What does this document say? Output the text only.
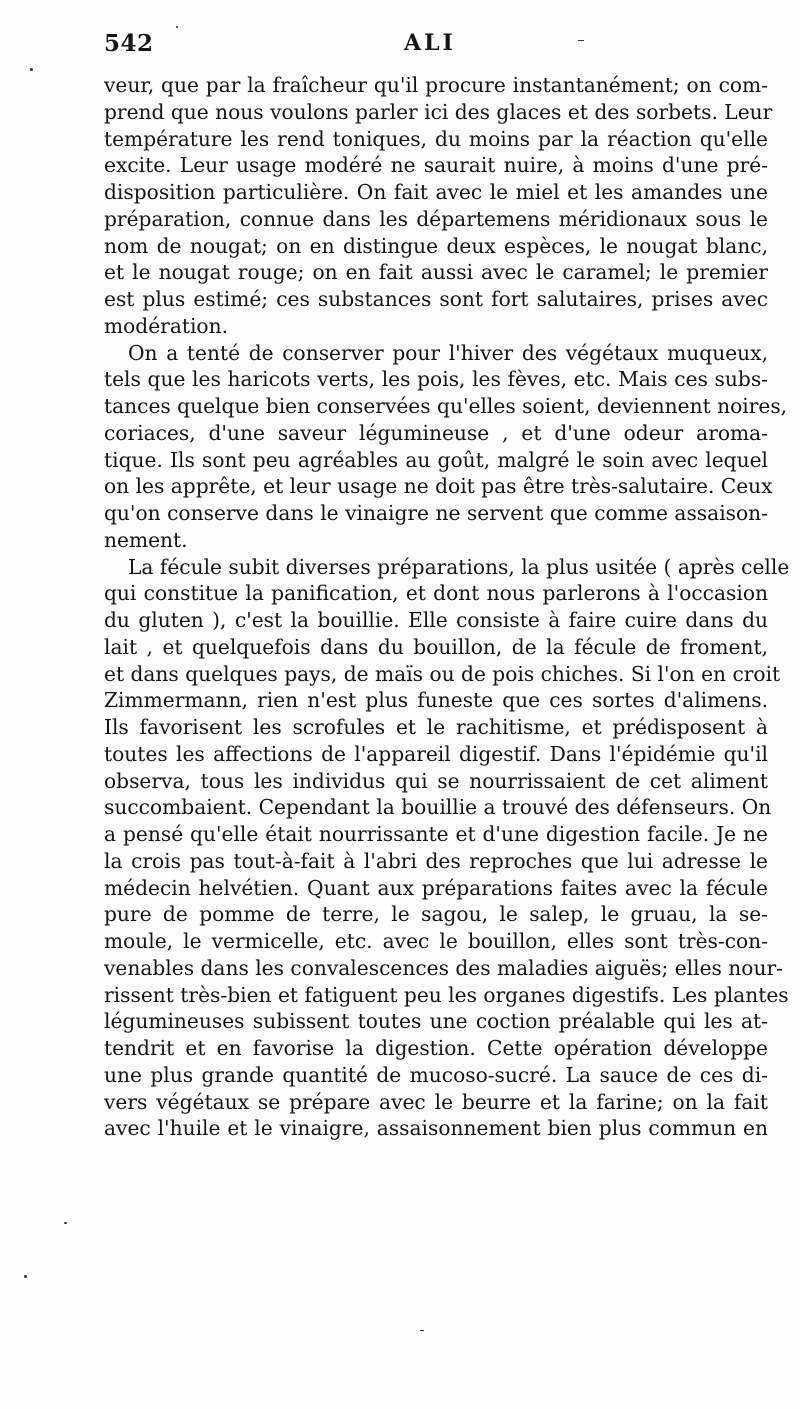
542	ALI
veur, que par la fraîcheur qu'il procure instantanément; on com-
prend que nous voulons parler ici des glaces et des sorbets. Leur
température les rend toniques, du moins par la réaction qu'elle
excite. Leur usage modéré ne saurait nuire, à moins d'une pré-
disposition particulière. On fait avec le miel et les amandes une
préparation, connue dans les départemens méridionaux sous le
nom de nougat; on en distingue deux espèces, le nougat blanc,
et le nougat rouge; on en fait aussi avec le caramel; le premier
est plus estimé; ces substances sont fort salutaires, prises avec
modération.
On a tenté de conserver pour l'hiver des végétaux muqueux,
tels que les haricots verts, les pois, les fèves, etc. Mais ces subs-
tances quelque bien conservées qu'elles soient, deviennent noires,
coriaces, d'une saveur légumineuse , et d'une odeur aroma-
tique. Ils sont peu agréables au goût, malgré le soin avec lequel
on les apprête, et leur usage ne doit pas être très-salutaire. Ceux
qu'on conserve dans le vinaigre ne servent que comme assaison-
nement.
La fécule subit diverses préparations, la plus usitée ( après celle
qui constitue la panification, et dont nous parlerons à l'occasion
du gluten ), c'est la bouillie. Elle consiste à faire cuire dans du
lait , et quelquefois dans du bouillon, de la fécule de froment,
et dans quelques pays, de maïs ou de pois chiches. Si l'on en croit
Zimmermann, rien n'est plus funeste que ces sortes d'alimens.
Ils favorisent les scrofules et le rachitisme, et prédisposent à
toutes les affections de l'appareil digestif. Dans l'épidémie qu'il
observa, tous les individus qui se nourrissaient de cet aliment
succombaient. Cependant la bouillie a trouvé des défenseurs. On
a pensé qu'elle était nourrissante et d'une digestion facile. Je ne
la crois pas tout-à-fait à l'abri des reproches que lui adresse le
médecin helvétien. Quant aux préparations faites avec la fécule
pure de pomme de terre, le sagou, le salep, le gruau, la se-
moule, le vermicelle, etc. avec le bouillon, elles sont très-con-
venables dans les convalescences des maladies aiguës; elles nour-
rissent très-bien et fatiguent peu les organes digestifs. Les plantes
légumineuses subissent toutes une coction préalable qui les at-
tendrit et en favorise la digestion. Cette opération développe
une plus grande quantité de mucoso-sucré. La sauce de ces di-
vers végétaux se prépare avec le beurre et la farine; on la fait
avec l'huile et le vinaigre, assaisonnement bien plus commun en
